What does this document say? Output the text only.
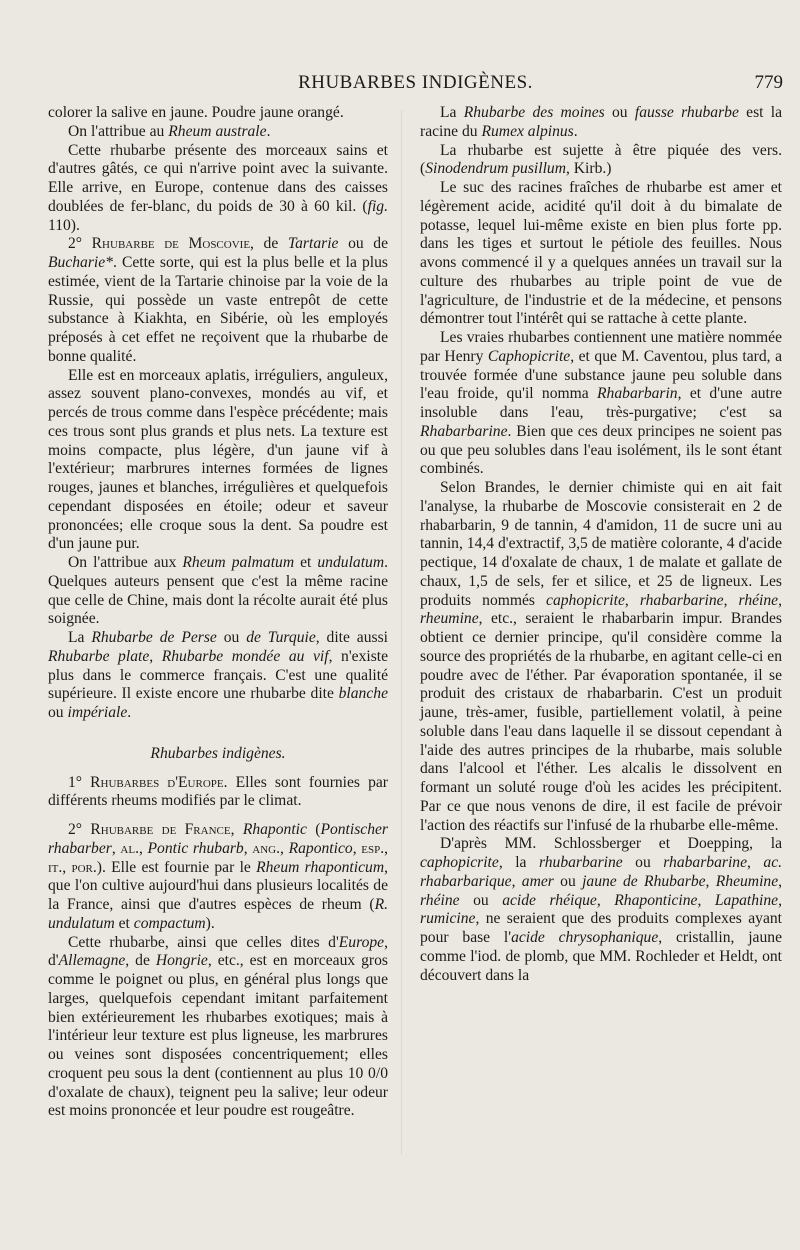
RHUBARBES INDIGÈNES.	779

colorer la salive en jaune. Poudre jaune orangé.

On l'attribue au Rheum australe.

Cette rhubarbe présente des morceaux sains et d'autres gâtés, ce qui n'arrive point avec la suivante. Elle arrive, en Europe, contenue dans des caisses doublées de fer-blanc, du poids de 30 à 60 kil. (fig. 110).

2° Rhubarbe de Moscovie, de Tartarie ou de Bucharie*. Cette sorte, qui est la plus belle et la plus estimée, vient de la Tartarie chinoise par la voie de la Russie, qui possède un vaste entrepôt de cette substance à Kiakhta, en Sibérie, où les employés préposés à cet effet ne reçoivent que la rhubarbe de bonne qualité.

Elle est en morceaux aplatis, irréguliers, anguleux, assez souvent plano-convexes, mondés au vif, et percés de trous comme dans l'espèce précédente; mais ces trous sont plus grands et plus nets. La texture est moins compacte, plus légère, d'un jaune vif à l'extérieur; marbrures internes formées de lignes rouges, jaunes et blanches, irrégulières et quelquefois cependant disposées en étoile; odeur et saveur prononcées; elle croque sous la dent. Sa poudre est d'un jaune pur.

On l'attribue aux Rheum palmatum et undulatum. Quelques auteurs pensent que c'est la même racine que celle de Chine, mais dont la récolte aurait été plus soignée.

La Rhubarbe de Perse ou de Turquie, dite aussi Rhubarbe plate, Rhubarbe mondée au vif, n'existe plus dans le commerce français. C'est une qualité supérieure. Il existe encore une rhubarbe dite blanche ou impériale.

Rhubarbes indigènes.

1° Rhubarbes d'Europe. Elles sont fournies par différents rheums modifiés par le climat.

2° Rhubarbe de France, Rhapontic (Pontischer rhabarber, al., Pontic rhubarb, ang., Rapontico, esp., it., por.). Elle est fournie par le Rheum rhaponticum, que l'on cultive aujourd'hui dans plusieurs localités de la France, ainsi que d'autres espèces de rheum (R. undulatum et compactum).

Cette rhubarbe, ainsi que celles dites d'Europe, d'Allemagne, de Hongrie, etc., est en morceaux gros comme le poignet ou plus, en général plus longs que larges, quelquefois cependant imitant parfaitement bien extérieurement les rhubarbes exotiques; mais à l'intérieur leur texture est plus ligneuse, les marbrures ou veines sont disposées concentriquement; elles croquent peu sous la dent (contiennent au plus 10 0/0 d'oxalate de chaux), teignent peu la salive; leur odeur est moins prononcée et leur poudre est rougeâtre.

La Rhubarbe des moines ou fausse rhubarbe est la racine du Rumex alpinus.

La rhubarbe est sujette à être piquée des vers. (Sinodendrum pusillum, Kirb.)

Le suc des racines fraîches de rhubarbe est amer et légèrement acide, acidité qu'il doit à du bimalate de potasse, lequel lui-même existe en bien plus forte pp. dans les tiges et surtout le pétiole des feuilles. Nous avons commencé il y a quelques années un travail sur la culture des rhubarbes au triple point de vue de l'agriculture, de l'industrie et de la médecine, et pensons démontrer tout l'intérêt qui se rattache à cette plante.

Les vraies rhubarbes contiennent une matière nommée par Henry Caphopicrite, et que M. Caventou, plus tard, a trouvée formée d'une substance jaune peu soluble dans l'eau froide, qu'il nomma Rhabarbarin, et d'une autre insoluble dans l'eau, très-purgative; c'est sa Rhabarbarine. Bien que ces deux principes ne soient pas ou que peu solubles dans l'eau isolément, ils le sont étant combinés.

Selon Brandes, le dernier chimiste qui en ait fait l'analyse, la rhubarbe de Moscovie consisterait en 2 de rhabarbarin, 9 de tannin, 4 d'amidon, 11 de sucre uni au tannin, 14,4 d'extractif, 3,5 de matière colorante, 4 d'acide pectique, 14 d'oxalate de chaux, 1 de malate et gallate de chaux, 1,5 de sels, fer et silice, et 25 de ligneux. Les produits nommés caphopicrite, rhabarbarine, rhéine, rheumine, etc., seraient le rhabarbarin impur. Brandes obtient ce dernier principe, qu'il considère comme la source des propriétés de la rhubarbe, en agitant celle-ci en poudre avec de l'éther. Par évaporation spontanée, il se produit des cristaux de rhabarbarin. C'est un produit jaune, très-amer, fusible, partiellement volatil, à peine soluble dans l'eau dans laquelle il se dissout cependant à l'aide des autres principes de la rhubarbe, mais soluble dans l'alcool et l'éther. Les alcalis le dissolvent en formant un soluté rouge d'où les acides les précipitent. Par ce que nous venons de dire, il est facile de prévoir l'action des réactifs sur l'infusé de la rhubarbe elle-même.

D'après MM. Schlossberger et Doepping, la caphopicrite, la rhubarbarine ou rhabarbarine, ac. rhabarbarique, amer ou jaune de Rhubarbe, Rheumine, rhéine ou acide rhéique, Rhaponticine, Lapathine, rumicine, ne seraient que des produits complexes ayant pour base l'acide chrysophanique, cristallin, jaune comme l'iod. de plomb, que MM. Rochleder et Heldt, ont découvert dans la
